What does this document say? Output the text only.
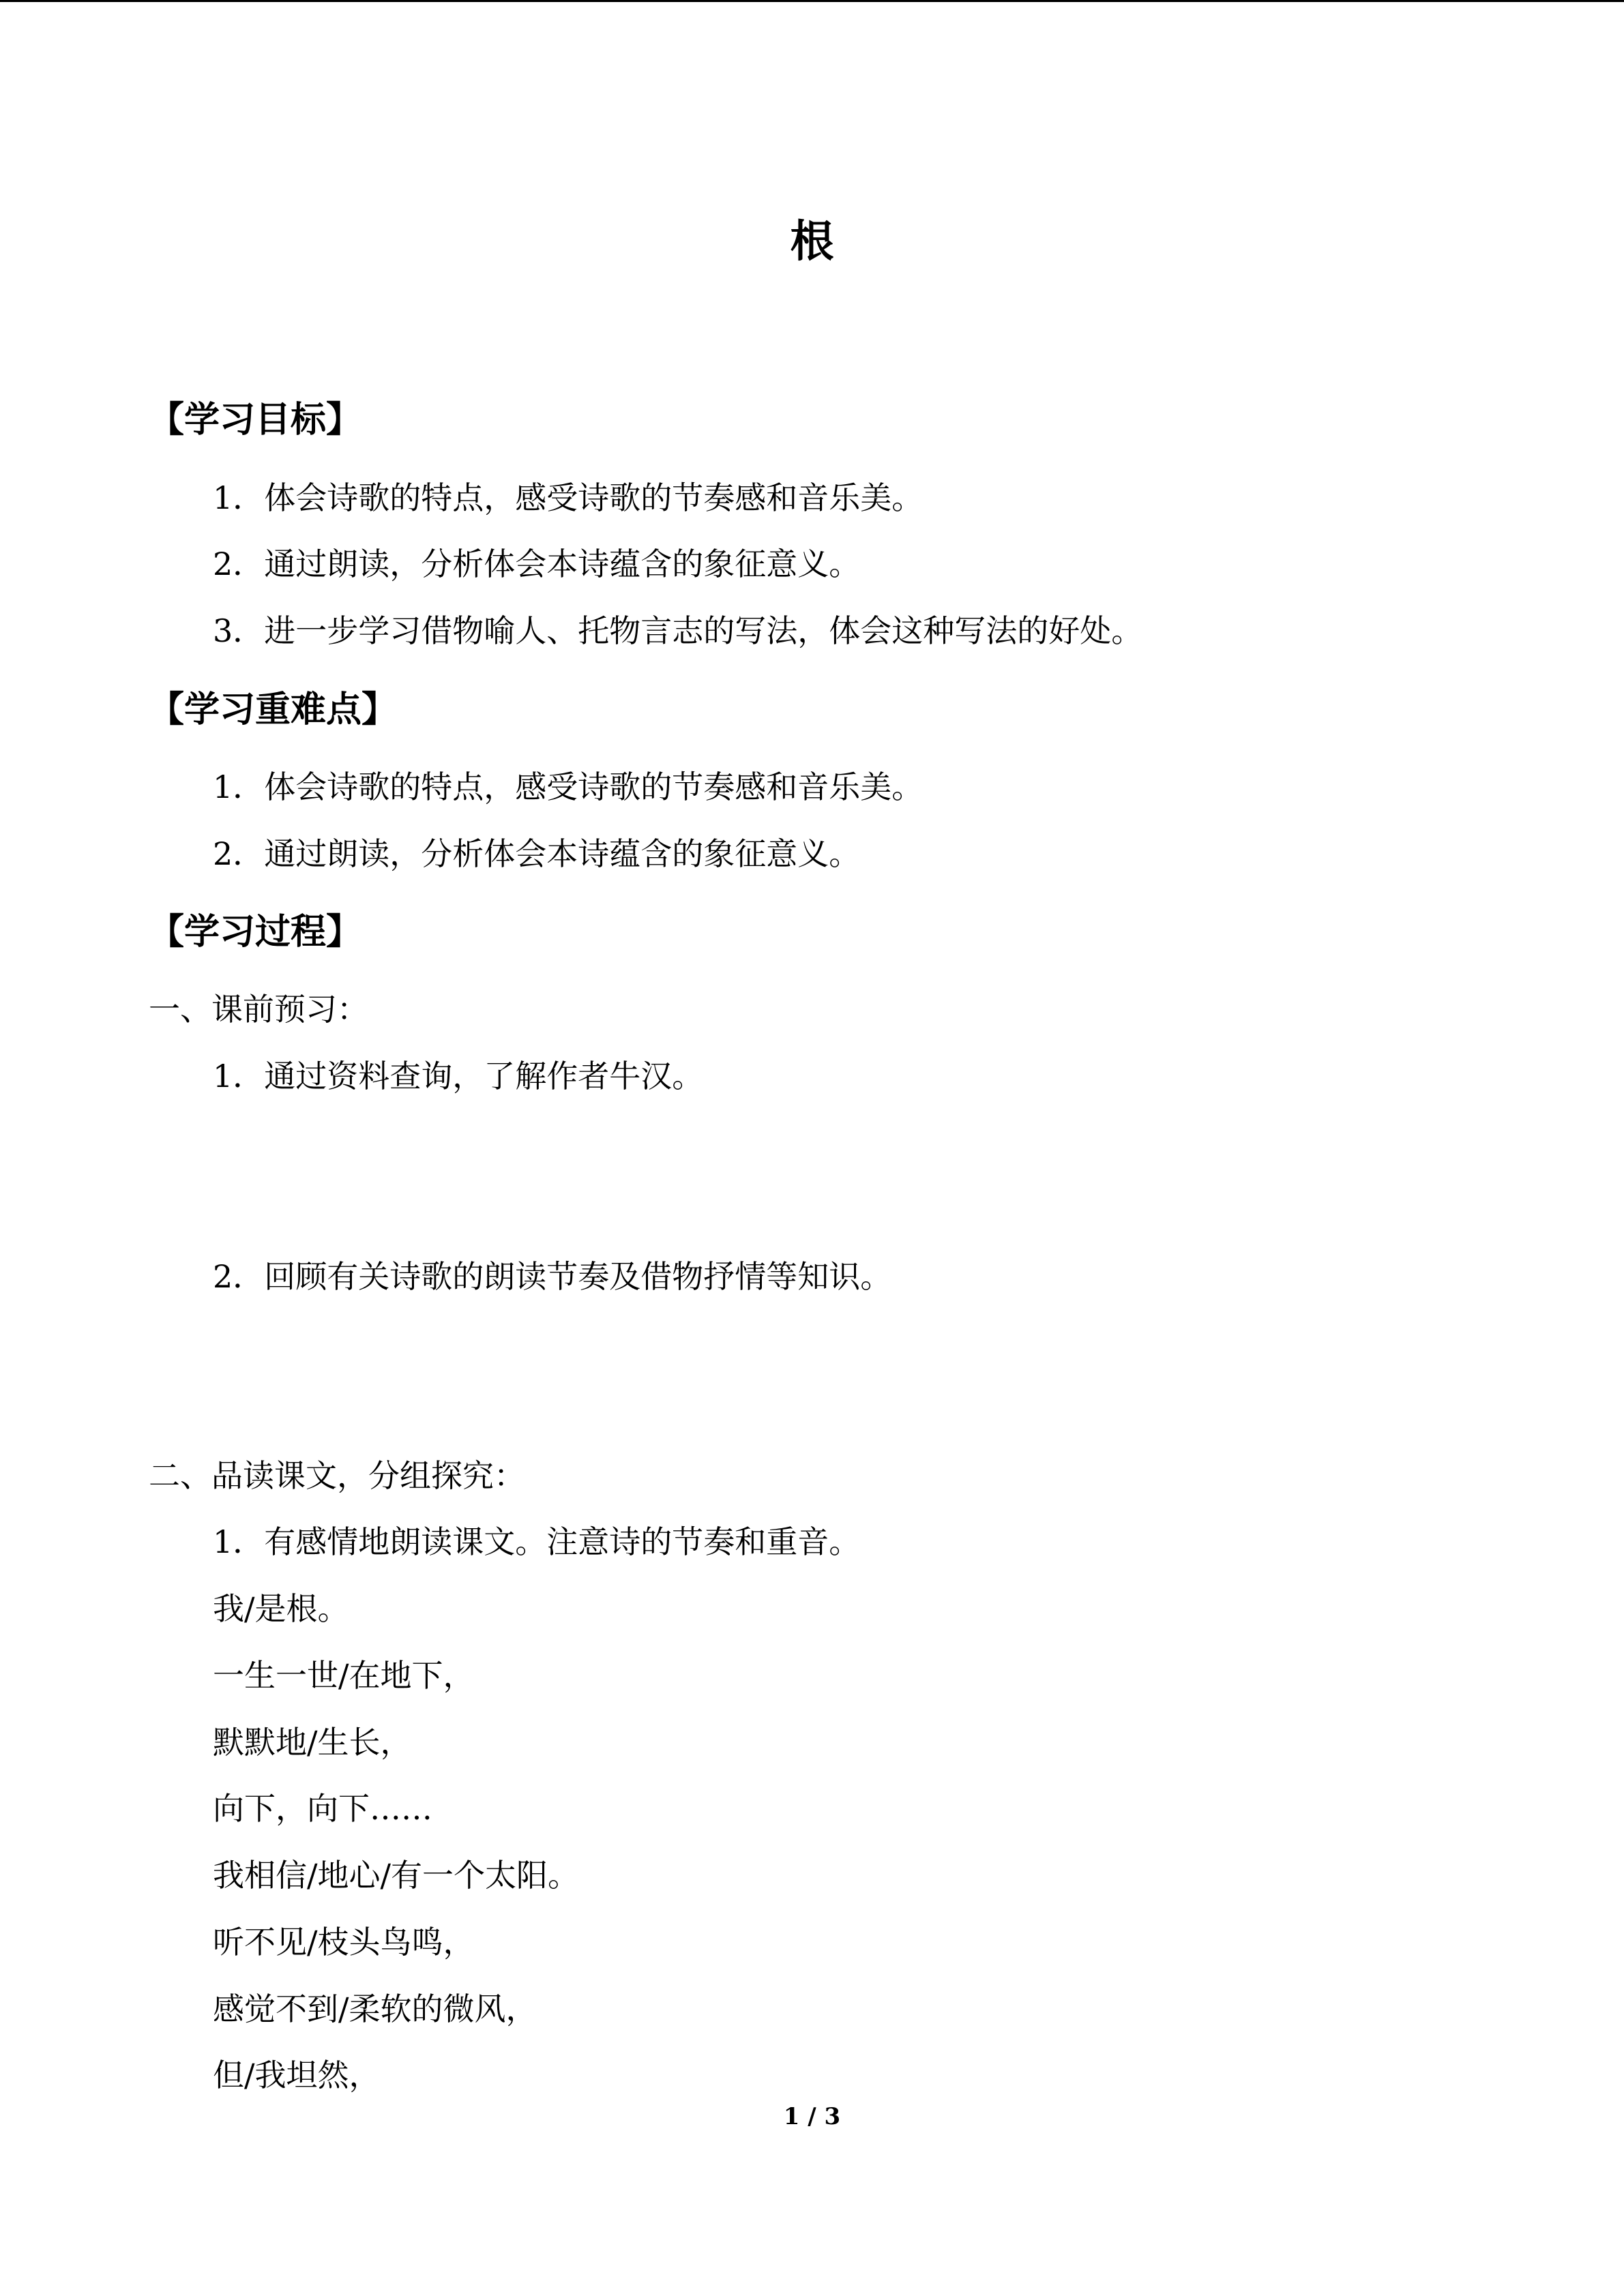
根
【学习目标】
1．体会诗歌的特点，感受诗歌的节奏感和音乐美。
2．通过朗读，分析体会本诗蕴含的象征意义。
3．进一步学习借物喻人、托物言志的写法，体会这种写法的好处。
【学习重难点】
1．体会诗歌的特点，感受诗歌的节奏感和音乐美。
2．通过朗读，分析体会本诗蕴含的象征意义。
【学习过程】
一、课前预习：
1．通过资料查询，了解作者牛汉。
2．回顾有关诗歌的朗读节奏及借物抒情等知识。
二、品读课文，分组探究：
1．有感情地朗读课文。注意诗的节奏和重音。
我/是根。
一生一世/在地下，
默默地/生长，
向下，向下……
我相信/地心/有一个太阳。
听不见/枝头鸟鸣，
感觉不到/柔软的微风，
但/我坦然，
1 / 3
